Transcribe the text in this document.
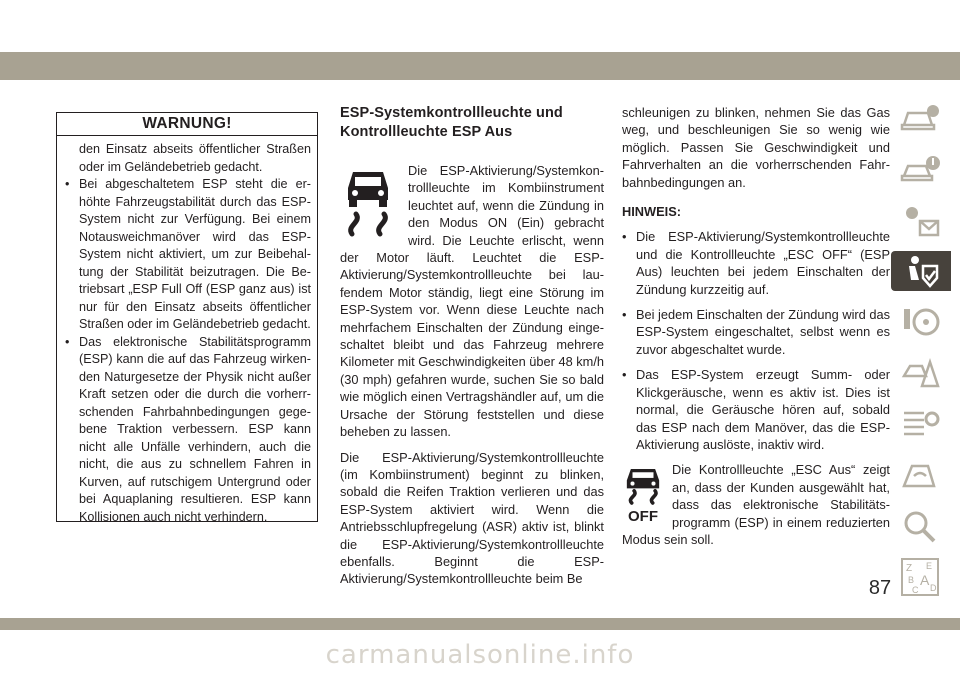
WARNUNG!
den Einsatz abseits öffentlicher Straßen oder im Geländebetrieb gedacht.
• Bei abgeschaltetem ESP steht die erhöhte Fahrzeugstabilität durch das ESP-System nicht zur Verfügung. Bei einem Notausweichmanöver wird das ESP-System nicht aktiviert, um zur Beibehaltung der Stabilität beizutragen. Die Betriebsart „ESP Full Off (ESP ganz aus) ist nur für den Einsatz abseits öffentlicher Straßen oder im Geländebetrieb gedacht.
• Das elektronische Stabilitätsprogramm (ESP) kann die auf das Fahrzeug wirkenden Naturgesetze der Physik nicht außer Kraft setzen oder die durch die vorherrschenden Fahrbahnbedingungen gegebene Traktion verbessern. ESP kann nicht alle Unfälle verhindern, auch die nicht, die aus zu schnellem Fahren in Kurven, auf rutschigem Untergrund oder bei Aquaplaning resultieren. ESP kann Kollisionen auch nicht verhindern.
ESP-Systemkontrollleuchte und Kontrollleuchte ESP Aus

Die ESP-Aktivierung/Systemkontrollleuchte im Kombiinstrument leuchtet auf, wenn die Zündung in den Modus ON (Ein) gebracht wird. Die Leuchte erlischt, wenn der Motor läuft. Leuchtet die ESP-Aktivierung/Systemkontrollleuchte bei laufendem Motor ständig, liegt eine Störung im ESP-System vor. Wenn diese Leuchte nach mehrfachem Einschalten der Zündung eingeschaltet bleibt und das Fahrzeug mehrere Kilometer mit Geschwindigkeiten über 48 km/h (30 mph) gefahren wurde, suchen Sie so bald wie möglich einen Vertragshändler auf, um die Ursache der Störung feststellen und diese beheben zu lassen.

Die ESP-Aktivierung/Systemkontrollleuchte (im Kombiinstrument) beginnt zu blinken, sobald die Reifen Traktion verlieren und das ESP-System aktiviert wird. Wenn die Antriebsschlupfregelung (ASR) aktiv ist, blinkt die ESP-Aktivierung/Systemkontrollleuchte ebenfalls. Beginnt die ESP-Aktivierung/Systemkontrollleuchte beim Be

schleunigen zu blinken, nehmen Sie das Gas weg, und beschleunigen Sie so wenig wie möglich. Passen Sie Geschwindigkeit und Fahrverhalten an die vorherrschenden Fahrbahnbedingungen an.

HINWEIS:
• Die ESP-Aktivierung/Systemkontrollleuchte und die Kontrollleuchte „ESC OFF“ (ESP Aus) leuchten bei jedem Einschalten der Zündung kurzzeitig auf.
• Bei jedem Einschalten der Zündung wird das ESP-System eingeschaltet, selbst wenn es zuvor abgeschaltet wurde.
• Das ESP-System erzeugt Summ- oder Klickgeräusche, wenn es aktiv ist. Dies ist normal, die Geräusche hören auf, sobald das ESP nach dem Manöver, das die ESP-Aktivierung auslöste, inaktiv wird.

OFF
Die Kontrollleuchte „ESC Aus“ zeigt an, dass der Kunden ausgewählt hat, dass das elektronische Stabilitätsprogramm (ESP) in einem reduzierten Modus sein soll.

Z E
B A
C D
87
carmanualsonline.info
